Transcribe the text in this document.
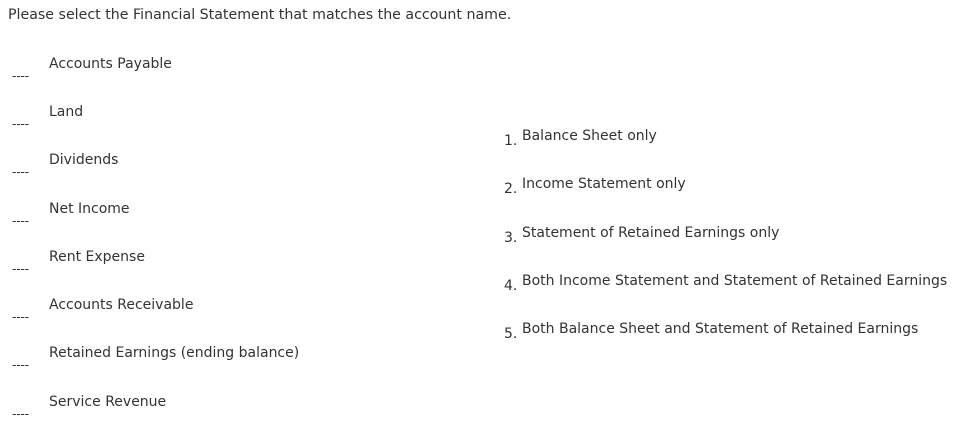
Please select the Financial Statement that matches the account name.
----
Accounts Payable
----
Land
----
Dividends
----
Net Income
----
Rent Expense
----
Accounts Receivable
----
Retained Earnings (ending balance)
----
Service Revenue
1. Balance Sheet only
2. Income Statement only
3. Statement of Retained Earnings only
4. Both Income Statement and Statement of Retained Earnings
5. Both Balance Sheet and Statement of Retained Earnings
